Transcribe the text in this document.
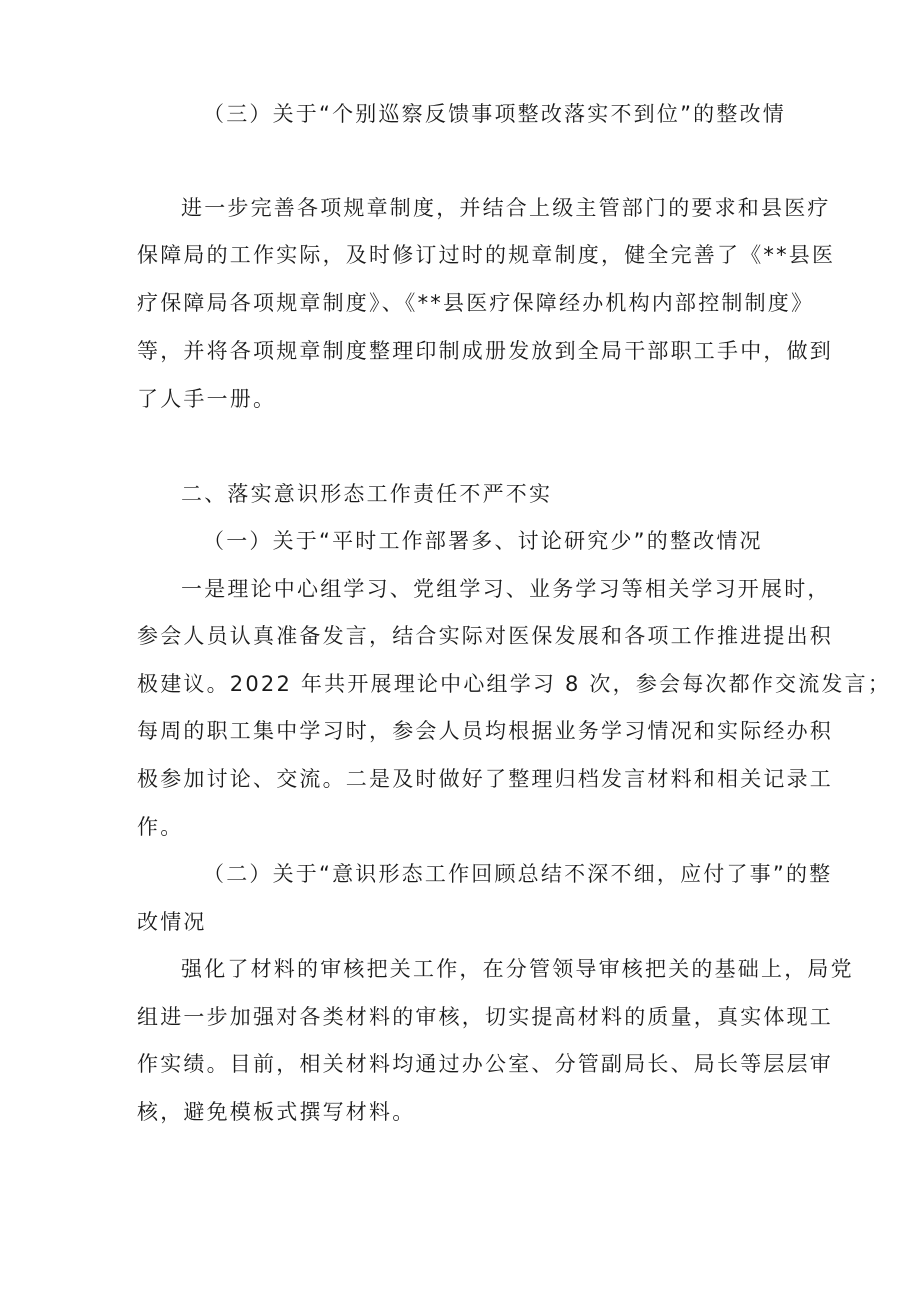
（三）关于“个别巡察反馈事项整改落实不到位”的整改情
进一步完善各项规章制度，并结合上级主管部门的要求和县医疗
保障局的工作实际，及时修订过时的规章制度，健全完善了《**县医
疗保障局各项规章制度》、《**县医疗保障经办机构内部控制制度》
等，并将各项规章制度整理印制成册发放到全局干部职工手中，做到
了人手一册。
二、落实意识形态工作责任不严不实
（一）关于“平时工作部署多、讨论研究少”的整改情况
一是理论中心组学习、党组学习、业务学习等相关学习开展时，
参会人员认真准备发言，结合实际对医保发展和各项工作推进提出积
极建议。2022 年共开展理论中心组学习 8 次，参会每次都作交流发言；
每周的职工集中学习时，参会人员均根据业务学习情况和实际经办积
极参加讨论、交流。二是及时做好了整理归档发言材料和相关记录工
作。
（二）关于“意识形态工作回顾总结不深不细，应付了事”的整
改情况
强化了材料的审核把关工作，在分管领导审核把关的基础上，局党
组进一步加强对各类材料的审核，切实提高材料的质量，真实体现工
作实绩。目前，相关材料均通过办公室、分管副局长、局长等层层审
核，避免模板式撰写材料。
